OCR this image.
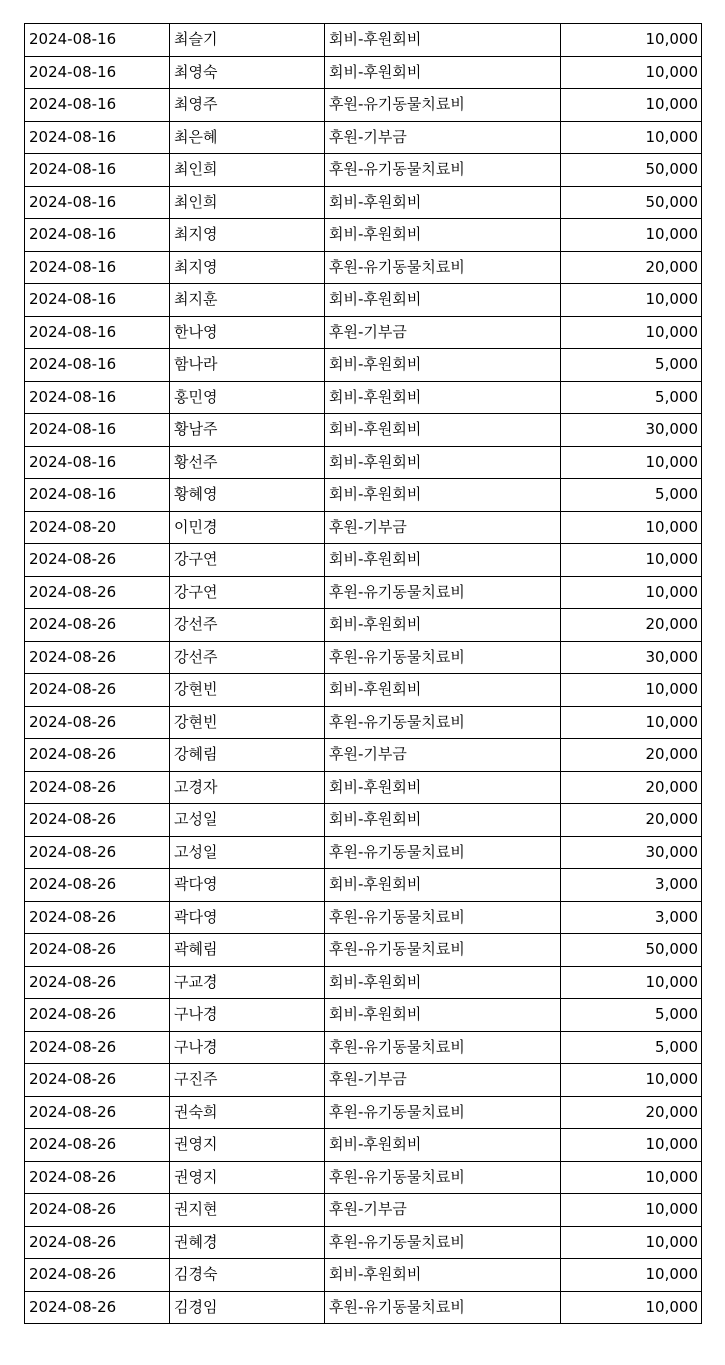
2024-08-16	최슬기	회비-후원회비	10,000
2024-08-16	최영숙	회비-후원회비	10,000
2024-08-16	최영주	후원-유기동물치료비	10,000
2024-08-16	최은혜	후원-기부금	10,000
2024-08-16	최인희	후원-유기동물치료비	50,000
2024-08-16	최인희	회비-후원회비	50,000
2024-08-16	최지영	회비-후원회비	10,000
2024-08-16	최지영	후원-유기동물치료비	20,000
2024-08-16	최지훈	회비-후원회비	10,000
2024-08-16	한나영	후원-기부금	10,000
2024-08-16	함나라	회비-후원회비	5,000
2024-08-16	홍민영	회비-후원회비	5,000
2024-08-16	황남주	회비-후원회비	30,000
2024-08-16	황선주	회비-후원회비	10,000
2024-08-16	황혜영	회비-후원회비	5,000
2024-08-20	이민경	후원-기부금	10,000
2024-08-26	강구연	회비-후원회비	10,000
2024-08-26	강구연	후원-유기동물치료비	10,000
2024-08-26	강선주	회비-후원회비	20,000
2024-08-26	강선주	후원-유기동물치료비	30,000
2024-08-26	강현빈	회비-후원회비	10,000
2024-08-26	강현빈	후원-유기동물치료비	10,000
2024-08-26	강혜림	후원-기부금	20,000
2024-08-26	고경자	회비-후원회비	20,000
2024-08-26	고성일	회비-후원회비	20,000
2024-08-26	고성일	후원-유기동물치료비	30,000
2024-08-26	곽다영	회비-후원회비	3,000
2024-08-26	곽다영	후원-유기동물치료비	3,000
2024-08-26	곽혜림	후원-유기동물치료비	50,000
2024-08-26	구교경	회비-후원회비	10,000
2024-08-26	구나경	회비-후원회비	5,000
2024-08-26	구나경	후원-유기동물치료비	5,000
2024-08-26	구진주	후원-기부금	10,000
2024-08-26	권숙희	후원-유기동물치료비	20,000
2024-08-26	권영지	회비-후원회비	10,000
2024-08-26	권영지	후원-유기동물치료비	10,000
2024-08-26	권지현	후원-기부금	10,000
2024-08-26	권혜경	후원-유기동물치료비	10,000
2024-08-26	김경숙	회비-후원회비	10,000
2024-08-26	김경임	후원-유기동물치료비	10,000
